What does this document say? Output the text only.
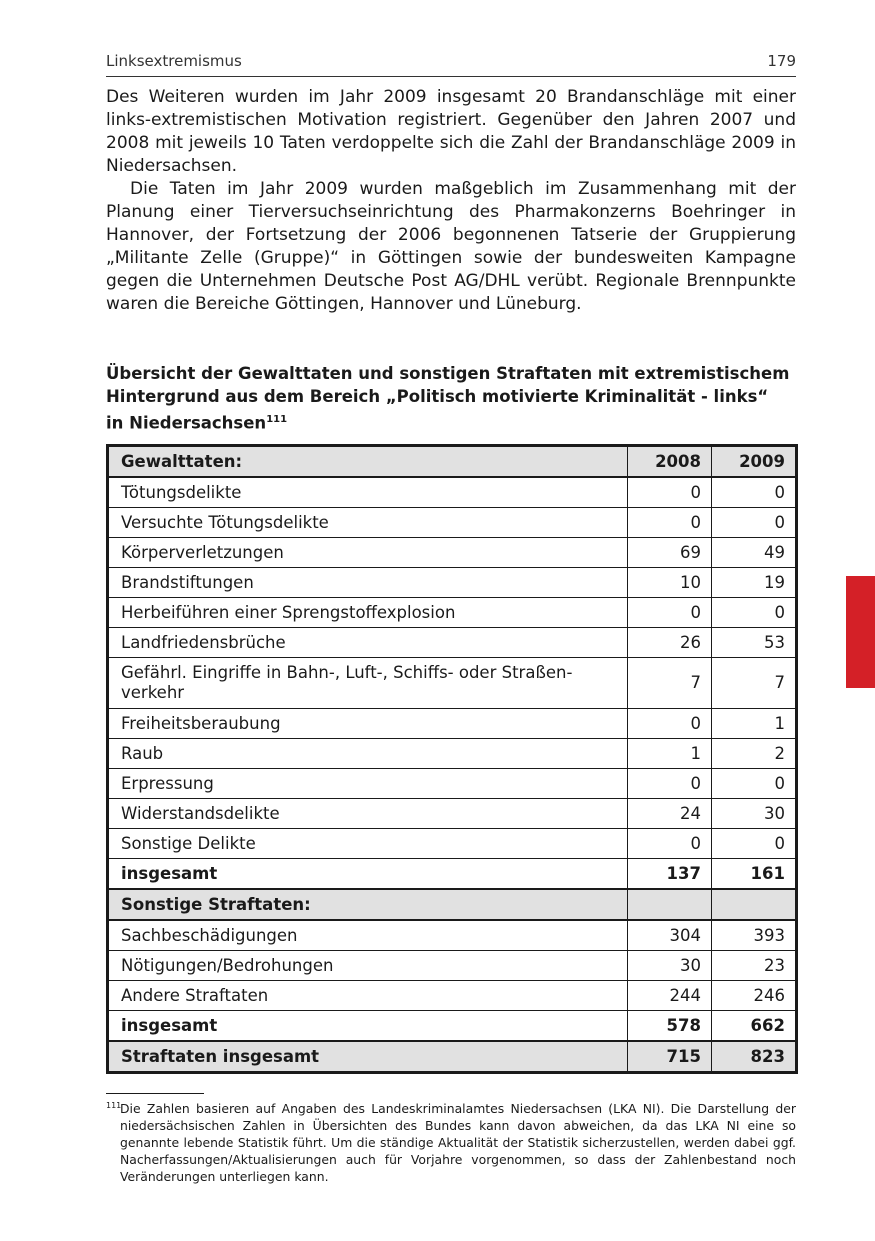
Linksextremismus	179

Des Weiteren wurden im Jahr 2009 insgesamt 20 Brandanschläge mit einer links-extremistischen Motivation registriert. Gegenüber den Jahren 2007 und 2008 mit jeweils 10 Taten verdoppelte sich die Zahl der Brandanschläge 2009 in Niedersachsen.

Die Taten im Jahr 2009 wurden maßgeblich im Zusammenhang mit der Planung einer Tierversuchseinrichtung des Pharmakonzerns Boehringer in Hannover, der Fortsetzung der 2006 begonnenen Tatserie der Gruppierung „Militante Zelle (Gruppe)“ in Göttingen sowie der bundesweiten Kampagne gegen die Unternehmen Deutsche Post AG/DHL verübt. Regionale Brennpunkte waren die Bereiche Göttingen, Hannover und Lüneburg.

Übersicht der Gewalttaten und sonstigen Straftaten mit extremistischem
Hintergrund aus dem Bereich „Politisch motivierte Kriminalität - links“
in Niedersachsen$^{111}$
Gewalttaten:	2008	2009
Tötungsdelikte	0	0
Versuchte Tötungsdelikte	0	0
Körperverletzungen	69	49
Brandstiftungen	10	19
Herbeiführen einer Sprengstoffexplosion	0	0
Landfriedensbrüche	26	53
Gefährl. Eingriffe in Bahn-, Luft-, Schiffs- oder Straßen-verkehr	7	7
Freiheitsberaubung	0	1
Raub	1	2
Erpressung	0	0
Widerstandsdelikte	24	30
Sonstige Delikte	0	0
insgesamt	137	161
Sonstige Straftaten:		
Sachbeschädigungen	304	393
Nötigungen/Bedrohungen	30	23
Andere Straftaten	244	246
insgesamt	578	662
Straftaten insgesamt	715	823
111
Die Zahlen basieren auf Angaben des Landeskriminalamtes Niedersachsen (LKA NI). Die Darstellung der niedersächsischen Zahlen in Übersichten des Bundes kann davon abweichen, da das LKA NI eine so genannte lebende Statistik führt. Um die ständige Aktualität der Statistik sicherzustellen, werden dabei ggf. Nacherfassungen/Aktualisierungen auch für Vorjahre vorgenommen, so dass der Zahlenbestand noch Veränderungen unterliegen kann.
